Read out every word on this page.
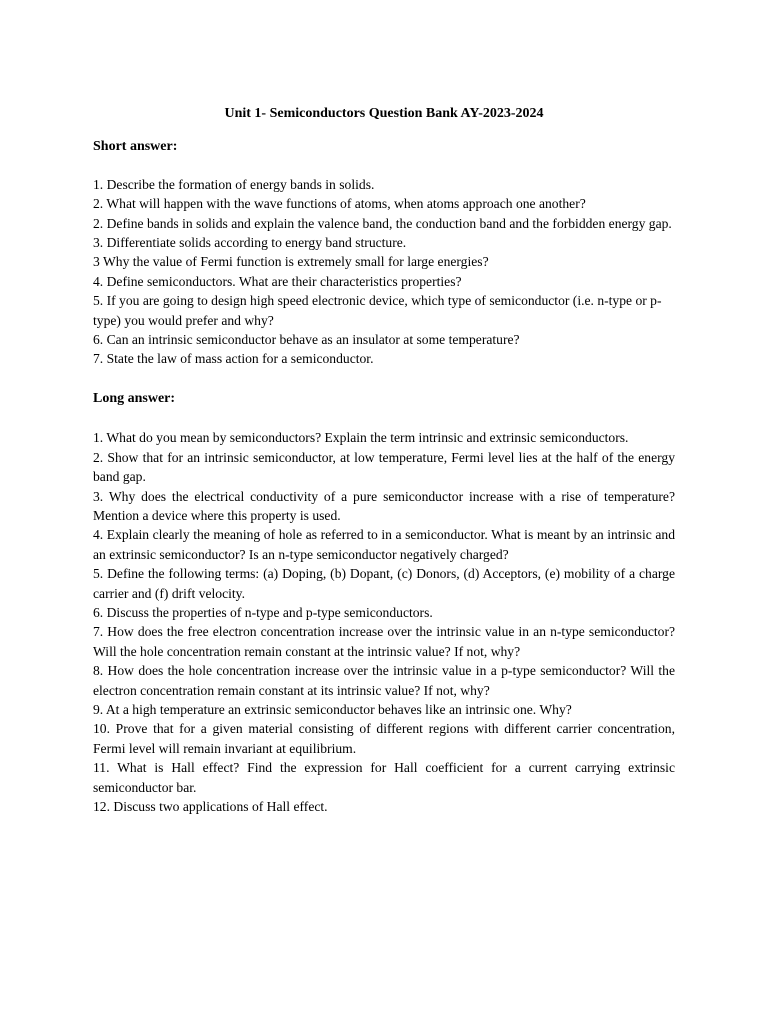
Unit 1- Semiconductors Question Bank AY-2023-2024
Short answer:

1. Describe the formation of energy bands in solids.

2. What will happen with the wave functions of atoms, when atoms approach one another?

2. Define bands in solids and explain the valence band, the conduction band and the forbidden energy gap.

3. Differentiate solids according to energy band structure.

3 Why the value of Fermi function is extremely small for large energies?

4. Define semiconductors. What are their characteristics properties?

5. If you are going to design high speed electronic device, which type of semiconductor (i.e. n-type or p-type) you would prefer and why?

6. Can an intrinsic semiconductor behave as an insulator at some temperature?

7. State the law of mass action for a semiconductor.

Long answer:

1. What do you mean by semiconductors? Explain the term intrinsic and extrinsic semiconductors.

2. Show that for an intrinsic semiconductor, at low temperature, Fermi level lies at the half of the energy band gap.

3. Why does the electrical conductivity of a pure semiconductor increase with a rise of temperature? Mention a device where this property is used.

4. Explain clearly the meaning of hole as referred to in a semiconductor. What is meant by an intrinsic and an extrinsic semiconductor? Is an n-type semiconductor negatively charged?

5. Define the following terms: (a) Doping, (b) Dopant, (c) Donors, (d) Acceptors, (e) mobility of a charge carrier and (f) drift velocity.

6. Discuss the properties of n-type and p-type semiconductors.

7. How does the free electron concentration increase over the intrinsic value in an n-type semiconductor? Will the hole concentration remain constant at the intrinsic value? If not, why?

8. How does the hole concentration increase over the intrinsic value in a p-type semiconductor? Will the electron concentration remain constant at its intrinsic value? If not, why?

9. At a high temperature an extrinsic semiconductor behaves like an intrinsic one. Why?

10. Prove that for a given material consisting of different regions with different carrier concentration, Fermi level will remain invariant at equilibrium.

11. What is Hall effect? Find the expression for Hall coefficient for a current carrying extrinsic semiconductor bar.

12. Discuss two applications of Hall effect.
